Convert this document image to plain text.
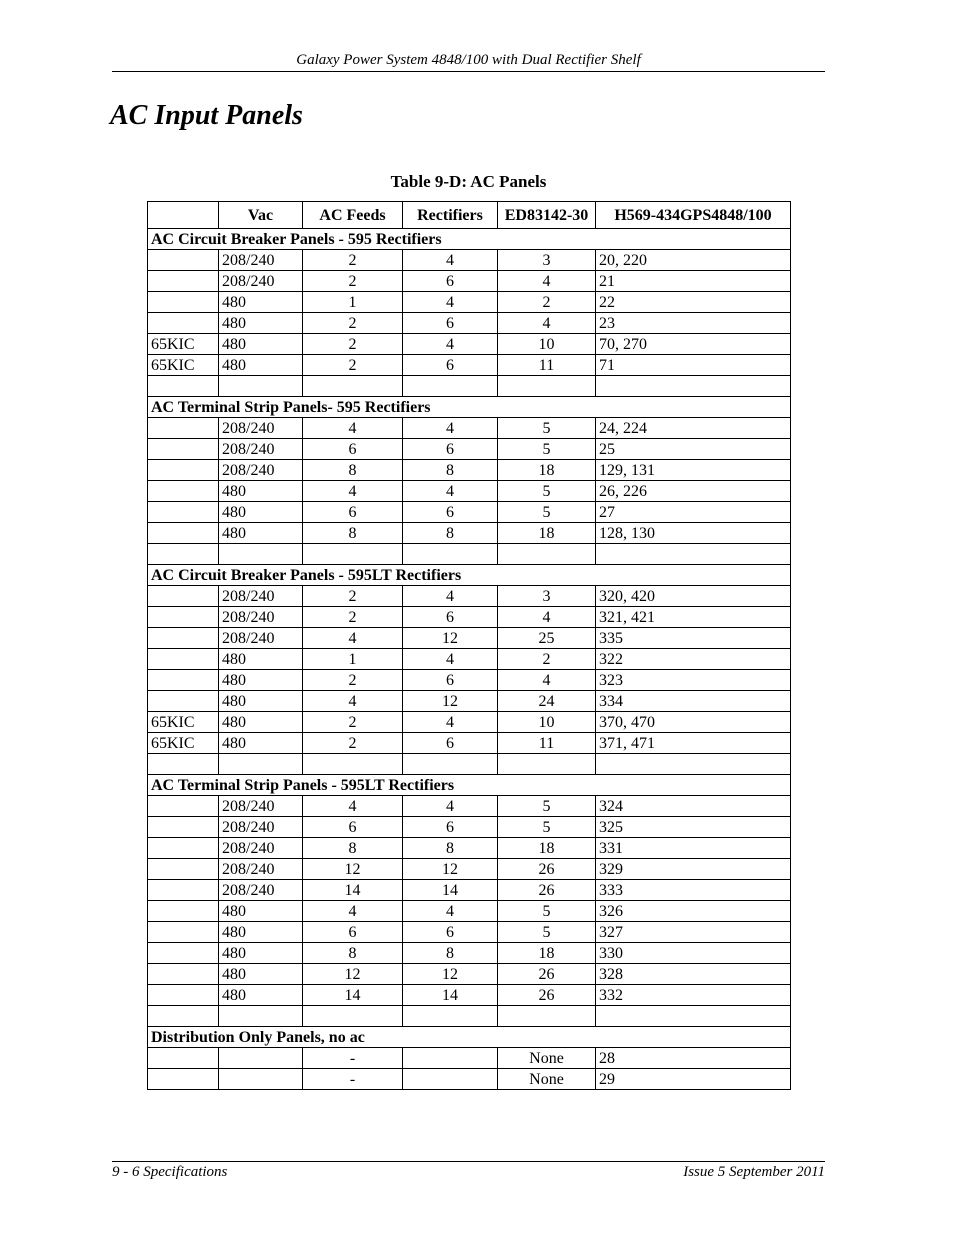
Galaxy Power System 4848/100 with Dual Rectifier Shelf
AC Input Panels
Table 9-D: AC Panels
	Vac	AC Feeds	Rectifiers	ED83142-30	H569-434GPS4848/100
AC Circuit Breaker Panels - 595 Rectifiers					
	208/240	2	4	3	20, 220
	208/240	2	6	4	21
	480	1	4	2	22
	480	2	6	4	23
65KIC	480	2	4	10	70, 270
65KIC	480	2	6	11	71

AC Terminal Strip Panels- 595 Rectifiers					
	208/240	4	4	5	24, 224
	208/240	6	6	5	25
	208/240	8	8	18	129, 131
	480	4	4	5	26, 226
	480	6	6	5	27
	480	8	8	18	128, 130

AC Circuit Breaker Panels - 595LT Rectifiers					
	208/240	2	4	3	320, 420
	208/240	2	6	4	321, 421
	208/240	4	12	25	335
	480	1	4	2	322
	480	2	6	4	323
	480	4	12	24	334
65KIC	480	2	4	10	370, 470
65KIC	480	2	6	11	371, 471

AC Terminal Strip Panels - 595LT Rectifiers					
	208/240	4	4	5	324
	208/240	6	6	5	325
	208/240	8	8	18	331
	208/240	12	12	26	329
	208/240	14	14	26	333
	480	4	4	5	326
	480	6	6	5	327
	480	8	8	18	330
	480	12	12	26	328
	480	14	14	26	332

Distribution Only Panels, no ac					
		-		None	28
		-		None	29
9 - 6 Specifications	Issue 5 September 2011
